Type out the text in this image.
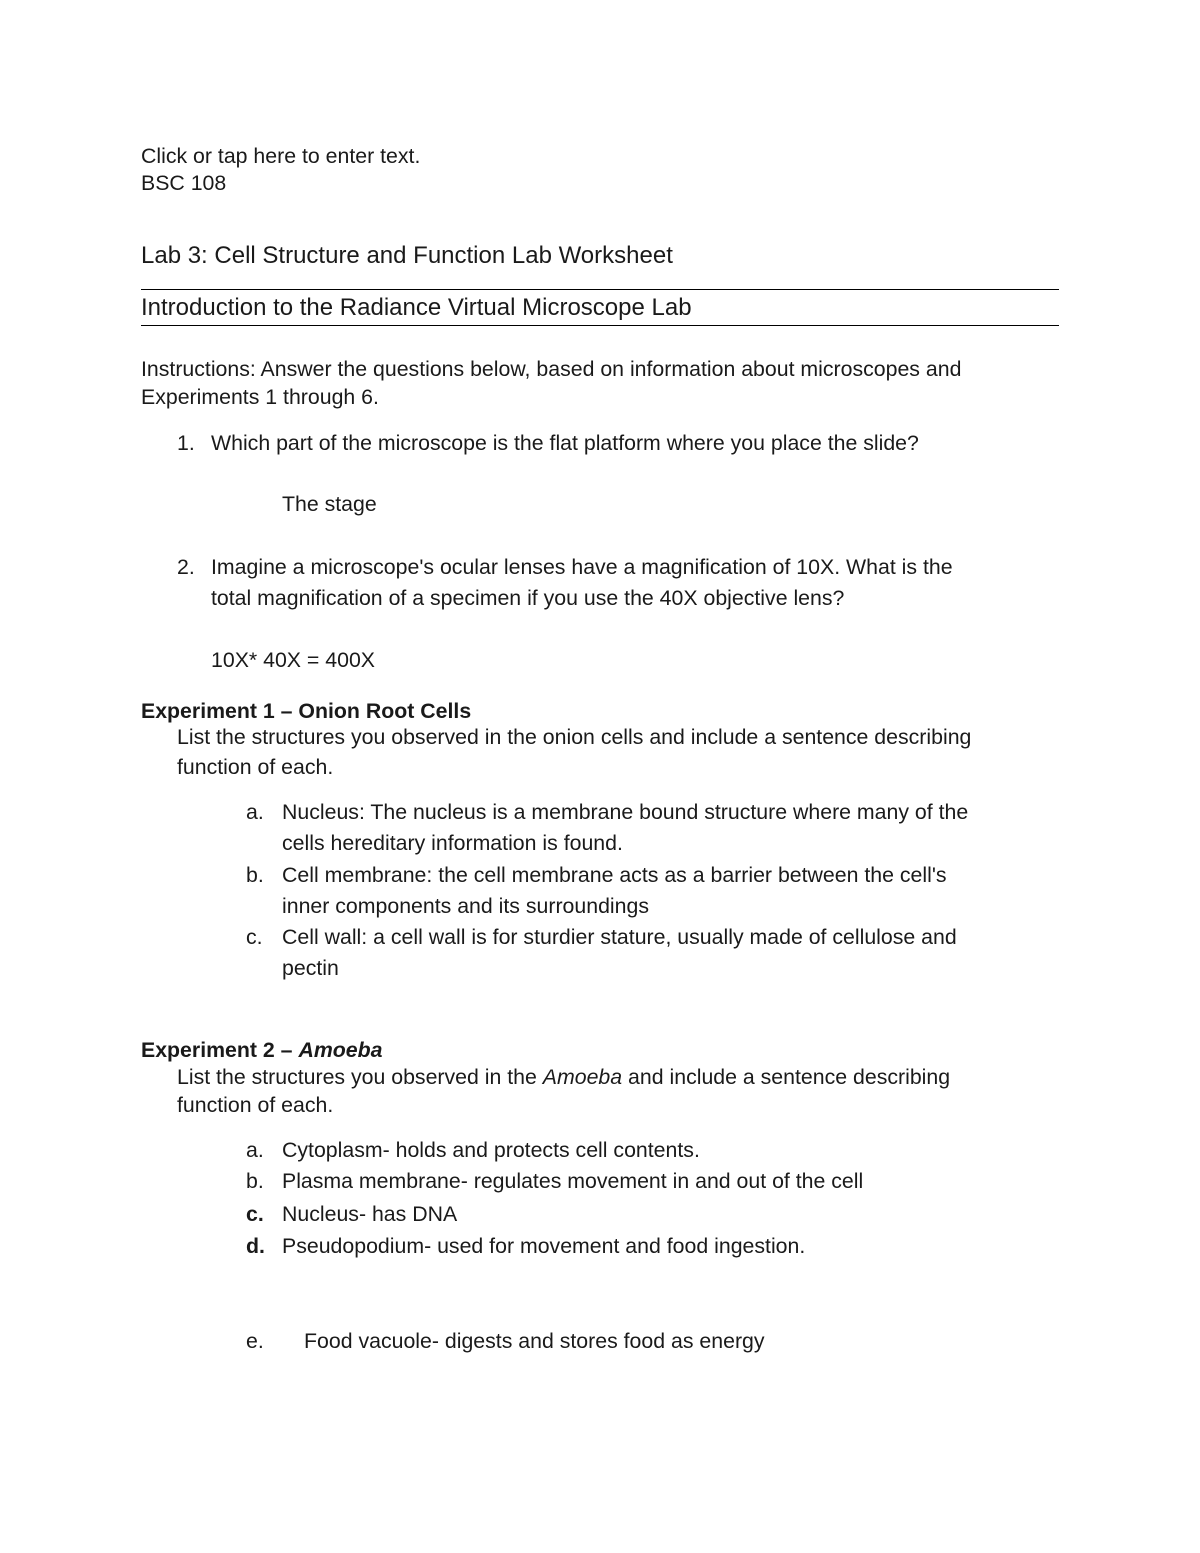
Click or tap here to enter text.
BSC 108
Lab 3: Cell Structure and Function Lab Worksheet
Introduction to the Radiance Virtual Microscope Lab
Instructions: Answer the questions below, based on information about microscopes and
Experiments 1 through 6.
1. Which part of the microscope is the flat platform where you place the slide?
The stage
2. Imagine a microscope's ocular lenses have a magnification of 10X. What is the
total magnification of a specimen if you use the 40X objective lens?
10X* 40X = 400X
Experiment 1 – Onion Root Cells
List the structures you observed in the onion cells and include a sentence describing
function of each.
a. Nucleus: The nucleus is a membrane bound structure where many of the
cells hereditary information is found.
b. Cell membrane: the cell membrane acts as a barrier between the cell's
inner components and its surroundings
c. Cell wall: a cell wall is for sturdier stature, usually made of cellulose and
pectin
Experiment 2 – Amoeba
List the structures you observed in the Amoeba and include a sentence describing
function of each.
a. Cytoplasm- holds and protects cell contents.
b. Plasma membrane- regulates movement in and out of the cell
c. Nucleus- has DNA
d. Pseudopodium- used for movement and food ingestion.
e. Food vacuole- digests and stores food as energy
